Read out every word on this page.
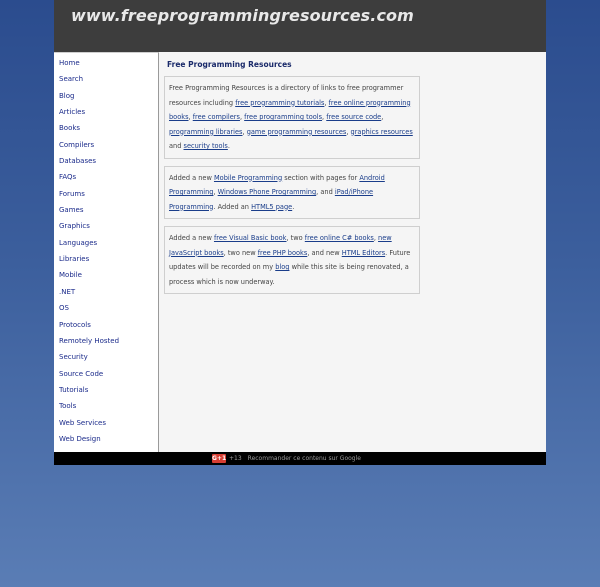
www.freeprogrammingresources.com
Home
Search
Blog
Articles
Books
Compilers
Databases
FAQs
Forums
Games
Graphics
Languages
Libraries
Mobile
.NET
OS
Protocols
Remotely Hosted
Security
Source Code
Tutorials
Tools
Web Services
Web Design
Free Programming Resources
Free Programming Resources is a directory of links to free programmer resources including free programming tutorials, free online programming books, free compilers, free programming tools, free source code, programming libraries, game programming resources, graphics resources and security tools.
Added a new Mobile Programming section with pages for Android Programming, Windows Phone Programming, and iPad/iPhone Programming. Added an HTML5 page.
Added a new free Visual Basic book, two free online C# books, new JavaScript books, two new free PHP books, and new HTML Editors. Future updates will be recorded on my blog while this site is being renovated, a process which is now underway.
G+1 +13 Recommander ce contenu sur Google
